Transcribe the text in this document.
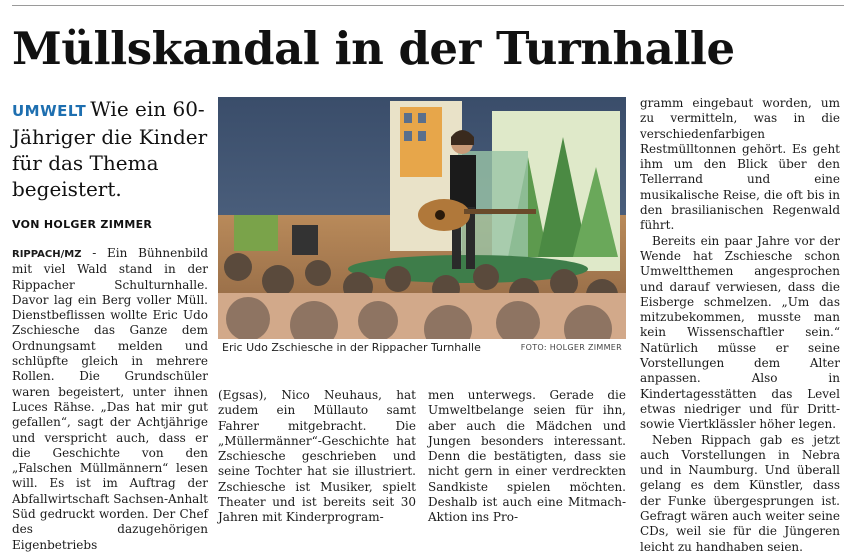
Müllskandal in der Turnhalle
UMWELT Wie ein 60-Jähriger die Kinder für das Thema begeistert.
VON HOLGER ZIMMER

RIPPACH/MZ - Ein Bühnenbild mit viel Wald stand in der Rippacher Schulturnhalle. Davor lag ein Berg voller Müll. Dienstbeflissen wollte Eric Udo Zschiesche das Ganze dem Ordnungsamt melden und schlüpfte gleich in mehrere Rollen. Die Grundschüler waren begeistert, unter ihnen Luces Rähse. „Das hat mir gut gefallen“, sagt der Achtjährige und verspricht auch, dass er die Geschichte von den „Falschen Müllmännern“ lesen will. Es ist im Auftrag der Abfallwirtschaft Sachsen-Anhalt Süd gedruckt worden. Der Chef des dazugehörigen Eigenbetriebs

Eric Udo Zschiesche in der Rippacher Turnhalle	FOTO: HOLGER ZIMMER

(Egsas), Nico Neuhaus, hat zudem ein Müllauto samt Fahrer mitgebracht. Die „Müllermänner“-Geschichte hat Zschiesche geschrieben und seine Tochter hat sie illustriert. Zschiesche ist Musiker, spielt Theater und ist bereits seit 30 Jahren mit Kinderprogram-

men unterwegs. Gerade die Umweltbelange seien für ihn, aber auch die Mädchen und Jungen besonders interessant. Denn die bestätigten, dass sie nicht gern in einer verdreckten Sandkiste spielen möchten. Deshalb ist auch eine Mitmach-Aktion ins Pro-

gramm eingebaut worden, um zu vermitteln, was in die verschiedenfarbigen Restmülltonnen gehört. Es geht ihm um den Blick über den Tellerrand und eine musikalische Reise, die oft bis in den brasilianischen Regenwald führt.

Bereits ein paar Jahre vor der Wende hat Zschiesche schon Umweltthemen angesprochen und darauf verwiesen, dass die Eisberge schmelzen. „Um das mitzubekommen, musste man kein Wissenschaftler sein.“ Natürlich müsse er seine Vorstellungen dem Alter anpassen. Also in Kindertagesstätten das Level etwas niedriger und für Dritt- sowie Viertklässler höher legen.

Neben Rippach gab es jetzt auch Vorstellungen in Nebra und in Naumburg. Und überall gelang es dem Künstler, dass der Funke übergesprungen ist. Gefragt wären auch weiter seine CDs, weil sie für die Jüngeren leicht zu handhaben seien.
